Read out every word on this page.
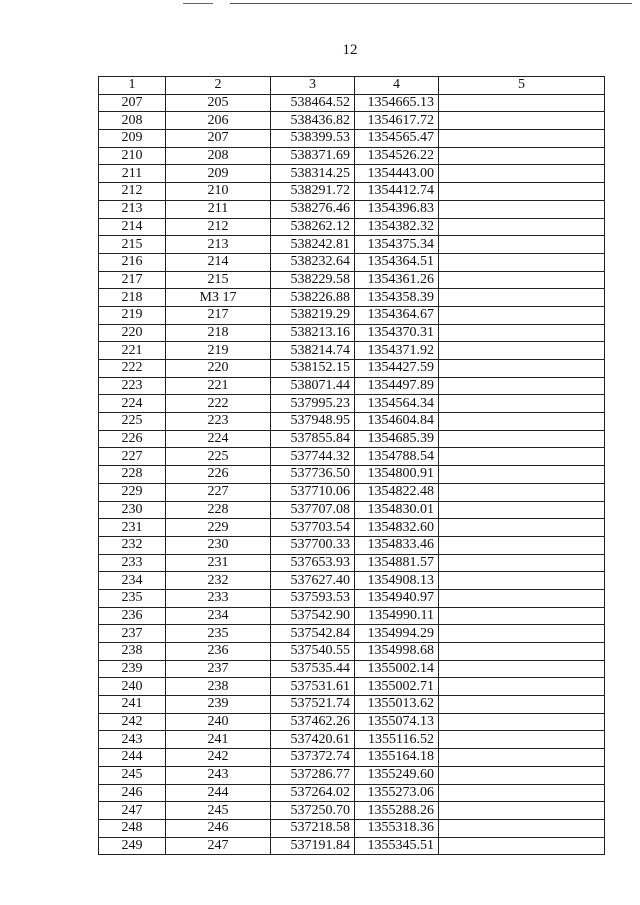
12
1	2	3	4	5
207	205	538464.52	1354665.13	
208	206	538436.82	1354617.72	
209	207	538399.53	1354565.47	
210	208	538371.69	1354526.22	
211	209	538314.25	1354443.00	
212	210	538291.72	1354412.74	
213	211	538276.46	1354396.83	
214	212	538262.12	1354382.32	
215	213	538242.81	1354375.34	
216	214	538232.64	1354364.51	
217	215	538229.58	1354361.26	
218	МЗ 17	538226.88	1354358.39	
219	217	538219.29	1354364.67	
220	218	538213.16	1354370.31	
221	219	538214.74	1354371.92	
222	220	538152.15	1354427.59	
223	221	538071.44	1354497.89	
224	222	537995.23	1354564.34	
225	223	537948.95	1354604.84	
226	224	537855.84	1354685.39	
227	225	537744.32	1354788.54	
228	226	537736.50	1354800.91	
229	227	537710.06	1354822.48	
230	228	537707.08	1354830.01	
231	229	537703.54	1354832.60	
232	230	537700.33	1354833.46	
233	231	537653.93	1354881.57	
234	232	537627.40	1354908.13	
235	233	537593.53	1354940.97	
236	234	537542.90	1354990.11	
237	235	537542.84	1354994.29	
238	236	537540.55	1354998.68	
239	237	537535.44	1355002.14	
240	238	537531.61	1355002.71	
241	239	537521.74	1355013.62	
242	240	537462.26	1355074.13	
243	241	537420.61	1355116.52	
244	242	537372.74	1355164.18	
245	243	537286.77	1355249.60	
246	244	537264.02	1355273.06	
247	245	537250.70	1355288.26	
248	246	537218.58	1355318.36	
249	247	537191.84	1355345.51	
